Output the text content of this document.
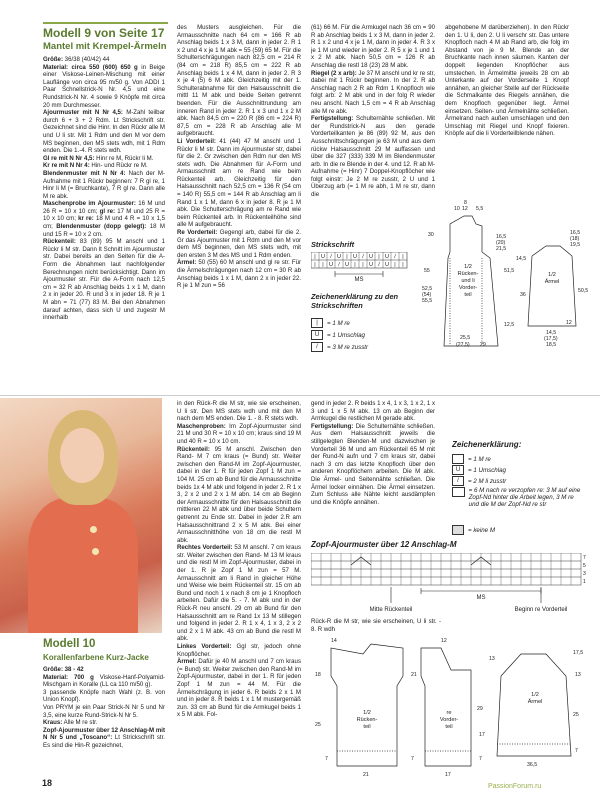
Modell 9 von Seite 17
Mantel mit Krempel-Ärmeln

Größe: 36/38 (40/42) 44

Material: circa 550 (600) 650 g in Beige einer Viskose-Leinen-Mischung mit einer Lauflänge von circa 95 m/50 g. Von ADDI 1 Paar Schnellstrick-N Nr. 4,5 und eine Rundstrick-N Nr. 4 sowie 9 Knöpfe mit circa 20 mm Durchmesser.

Ajourmuster mit N Nr 4,5: M-Zahl teilbar durch 6 + 3 + 2 Rdm. Lt Strickschrift str. Gezeichnet sind die Hinr. In den Rückr alle M und U li str. Mit 1 Rdm und den M vor dem MS beginnen, den MS stets wdh, mit 1 Rdm enden. Die 1.-4. R stets wdh.

Gl re mit N Nr 4,5: Hinr re M, Rückr li M.

Kr re mit N Nr 4: Hin- und Rückr re M.

Blendenmuster mit N Nr 4: Nach der M-Aufnahme mit 1 Rückr beginnen: 7 R gl re, 1 Hinr li M (= Bruchkante), 7 R gl re. Dann alle M re abk.

Maschenprobe im Ajourmuster: 16 M und 26 R = 10 x 10 cm; gl re: 17 M und 25 R = 10 x 10 cm; kr re: 18 M und 4 R = 10 x 1,5 cm; Blendenmuster (dopp gelegt): 18 M und 15 R = 10 x 2 cm.

Rückenteil: 83 (89) 95 M anschl und 1 Rückr li M str. Dann lt Schnitt im Ajourmuster str. Dabei bereits an den Seiten für die A-Form die Abnahmen laut nachfolgender Berechnungen nicht berücksichtigt. Dann im Ajourmuster str. Für die A-Form nach 12,5 cm = 32 R ab Anschlag beids 1 x 1 M, dann 2 x in jeder 20. R und 3 x in jeder 18. R je 1 M abn = 71 (77) 83 M. Bei den Abnahmen darauf achten, dass sich U und zugestr M innerhalb

des Musters ausgleichen. Für die Armausschnitte nach 64 cm = 166 R ab Anschlag beids 1 x 3 M, dann in jeder 2. R 1 x 2 und 4 x je 1 M abk = 55 (59) 65 M. Für die Schulterschrägungen nach 82,5 cm = 214 R (84 cm = 218 R) 85,5 cm = 222 R ab Anschlag beids 1 x 4 M, dann in jeder 2. R 3 x je 4 (5) 6 M abk. Gleichzeitig mit der 1. Schulterabnahme für den Halsausschnitt die mittl 11 M abk und beide Seiten getrennt beenden. Für die Ausschnittrundung am inneren Rand in jeder 2. R 1 x 3 und 1 x 2 M abk. Nach 84,5 cm = 220 R (86 cm = 224 R) 87,5 cm = 228 R ab Anschlag alle M aufgebraucht.

Li Vorderteil: 41 (44) 47 M anschl und 1 Rückr li M str. Dann im Ajourmuster str, dabei für die 2. Gr zwischen den Rdm nur den MS stets wdh. Die Abnahmen für A-Form und Armausschnitt am re Rand wie beim Rückenteil arb. Gleichzeitig für den Halsausschnitt nach 52,5 cm = 136 R (54 cm = 140 R) 55,5 cm = 144 R ab Anschlag am li Rand 1 x 1 M, dann 6 x in jeder 8. R je 1 M abk. Die Schulterschrägung am re Rand wie beim Rückenteil arb. In Rückenteilhöhe sind alle M aufgebraucht.

Re Vorderteil: Gegengl arb, dabei für die 2. Gr das Ajourmuster mit 1 Rdm und den M vor dem MS beginnen, den MS stets wdh, mit den ersten 3 M des MS und 1 Rdm enden.

Ärmel: 50 (55) 60 M anschl und gl re str. Für die Ärmelschrägungen nach 12 cm = 30 R ab Anschlag beids 1 x 1 M, dann 2 x in jeder 22. R je 1 M zun = 56

(61) 66 M. Für die Armkugel nach 36 cm = 90 R ab Anschlag beids 1 x 3 M, dann in jeder 2. R 1 x 2 und 4 x je 1 M, dann in jeder 4. R 3 x je 1 M und wieder in jeder 2. R 5 x je 1 und 1 x 2 M abk. Nach 50,5 cm = 126 R ab Anschlag die restl 18 (23) 28 M abk.

Riegel (2 x arb): Je 37 M anschl und kr re str, dabei mit 1 Rückr beginnen. In der 2. R ab Anschlag nach 2 R ab Rdm 1 Knopfloch wie folgt arb: 2 M abk und in der folg R wieder neu anschl. Nach 1,5 cm = 4 R ab Anschlag alle M re abk.

Fertigstellung: Schulternähte schließen. Mit der Rundstrick-N aus den gerade Vorderteilkanten je 86 (89) 92 M, aus den Ausschnittschrägungen je 63 M und aus dem rückw Halsausschnitt 29 M auffassen und über die 327 (333) 339 M im Blendenmuster arb. In die re Blende in der 4. und 12. R ab M-Aufnahme (= Hinr) 7 Doppel-Knopflöcher wie folgt einstr: Je 2 M re zusstr, 2 U und 1 Überzug arb (= 1 M re abh, 1 M re str, dann die

abgehobene M darüberziehen). In den Rückr den 1. U li, den 2. U li verschr str. Das untere Knopfloch nach 4 M ab Rand arb, die folg im Abstand von je 9 M. Blende an der Bruchkante nach innen säumen. Kanten der doppelt liegenden Knopflöcher aus umstechen. In Ärmelmitte jeweils 28 cm ab Unterkante auf der Vorderseite 1 Knopf annähen, an gleicher Stelle auf der Rückseite die Schmalkante des Riegels annähen, die dem Knopfloch gegenüber liegt. Ärmel einsetzen. Seiten- und Ärmelnähte schließen. Ärmelrand nach außen umschlagen und den Umschlag mit Riegel und Knopf fixieren. Knöpfe auf die li Vorderteilblende nähen.

8
10 12 5,5
30	16,5
(20)
21,5
55	51,5
52,5
(54)
55,5
14,5
12,5
25,5
(27,5) 29
16,5
(18)
19,5
36
50,5
12
14,5
(17,5)
18,5
1/2
Rücken-
und li
Vorder-
teil
1/2
Ärmel
Strickschrift
| U / U | U / U | U / |
| | U / U | | U / U | |
MS
Zeichenerklärung zu den Strickschriften
|	= 1 M re
U	= 1 Umschlag
/	= 3 M re zusstr
Modell 10
Korallenfarbene Kurz-Jacke

Größe: 38 - 42

Material: 700 g Viskose-Hanf-Polyamid-Mischgarn in Koralle (LL ca 110 m/50 g).

3 passende Knöpfe nach Wahl (z. B. von Union Knopf).

Von PRYM je ein Paar Strick-N Nr 5 und Nr 3,5, eine kurze Rund-Strick-N Nr 5.

Kraus: Alle M re str.

Zopf-Ajourmuster über 12 Anschlag-M mit N Nr 5 und „Toscano“: Lt Strickschrift str. Es sind die Hin-R gezeichnet,

in den Rück-R die M str, wie sie erscheinen, U li str. Den MS stets wdh und mit den M nach dem MS enden. Die 1. - 8. R stets wdh.

Maschenproben: Im Zopf-Ajourmuster sind 21 M und 30 R = 10 x 10 cm; kraus sind 19 M und 40 R = 10 x 10 cm.

Rückenteil: 95 M anschl. Zwischen den Rand- M 7 cm kraus (= Bund) str. Weiter zwischen den Rand-M im Zopf-Ajourmuster, dabei in der 1. R für jeden Zopf 1 M zun = 104 M. 25 cm ab Bund für die Armausschnitte beids 1x 4 M abk und folgend in jeder 2. R 1 x 3, 2 x 2 und 2 x 1 M abn. 14 cm ab Beginn der Armausschnitte für den Halsausschnitt die mittleren 22 M abk und über beide Schultern getrennt zu Ende str. Dabei in jeder 2.R am Halsausschnittrand 2 x 5 M abk. Bei einer Armausschnitthöhe von 18 cm die restl M abk.

Rechtes Vorderteil: 53 M anschl. 7 cm kraus str. Weiter zwischen den Rand- M 13 M kraus und die restl M im Zopf-Ajourmuster, dabei in der 1. R je Zopf 1 M zun = 57 M. Armausschnitt am li Rand in gleicher Höhe und Weise wie beim Rückenteil str. 15 cm ab Bund und noch 1 x nach 8 cm je 1 Knopfloch arbeiten. Dafür die 5. - 7. M abk und in der Rück-R neu anschl. 29 cm ab Bund für den Halsausschnitt am re Rand 1x 13 M stillegen und folgend in jeder 2. R 1 x 4, 1 x 3, 2 x 2 und 2 x 1 M abk. 43 cm ab Bund die restl M abk.

Linkes Vorderteil: Ggl str, jedoch ohne Knopflöcher.

Ärmel: Dafür je 40 M anschl und 7 cm kraus (= Bund) str. Weiter zwischen den Rand-M im Zopf-Ajourmuster, dabei in der 1. R für jeden Zopf 1 M zun = 44 M. Für die Ärmelschrägung in jeder 6. R beids 2 x 1 M und in jeder 8. R beids 1 x 1 M mustergemäß zun. 33 cm ab Bund für die Armkugel beids 1 x 5 M abk. Fol-

gend in jeder 2. R beids 1 x 4, 1 x 3, 1 x 2, 1 x 3 und 1 x 5 M abk. 13 cm ab Beginn der Armkugel die restlichen M gerade abk.

Fertigstellung: Die Schulternähte schließen. Aus dem Halsausschnitt jeweils die stillgelegten Blenden-M und dazwischen je Vorderteil 36 M und am Rückenteil 65 M mit der Rund-N aufn und 7 cm kraus str, dabei nach 3 cm das letzte Knopfloch über den anderen Knopflöchern arbeiten. Die M abk. Die Ärmel- und Seitennähte schließen. Die Ärmel locker einnähen. Die Ärmel einsetzen. Zum Schluss alle Nähte leicht ausdämpfen und die Knöpfe annähen.

Zeichenerklärung:
= 1 M re
U	= 1 Umschlag
/	= 2 M li zusstr
= 6 M nach re verzopfen re: 3 M auf eine Zopf-Nd hinter die Arbeit legen, 3 M re und die M der Zopf-Nd re str
= keine M
Zopf-Ajourmuster über 12 Anschlag-M
7
5
3
1
MS
Mitte Rückenteil	Beginn re Vorderteil
Rück-R die M str, wie sie erscheinen, U li str. - 8. R wdh
1/2
Rücken-
teil
re
Vorder-
teil
1/2
Ärmel
14
18
13
17,5
25
13
21
12
7
17
7
7
7
25
29
17
36,5
21
18	PassionForum.ru
